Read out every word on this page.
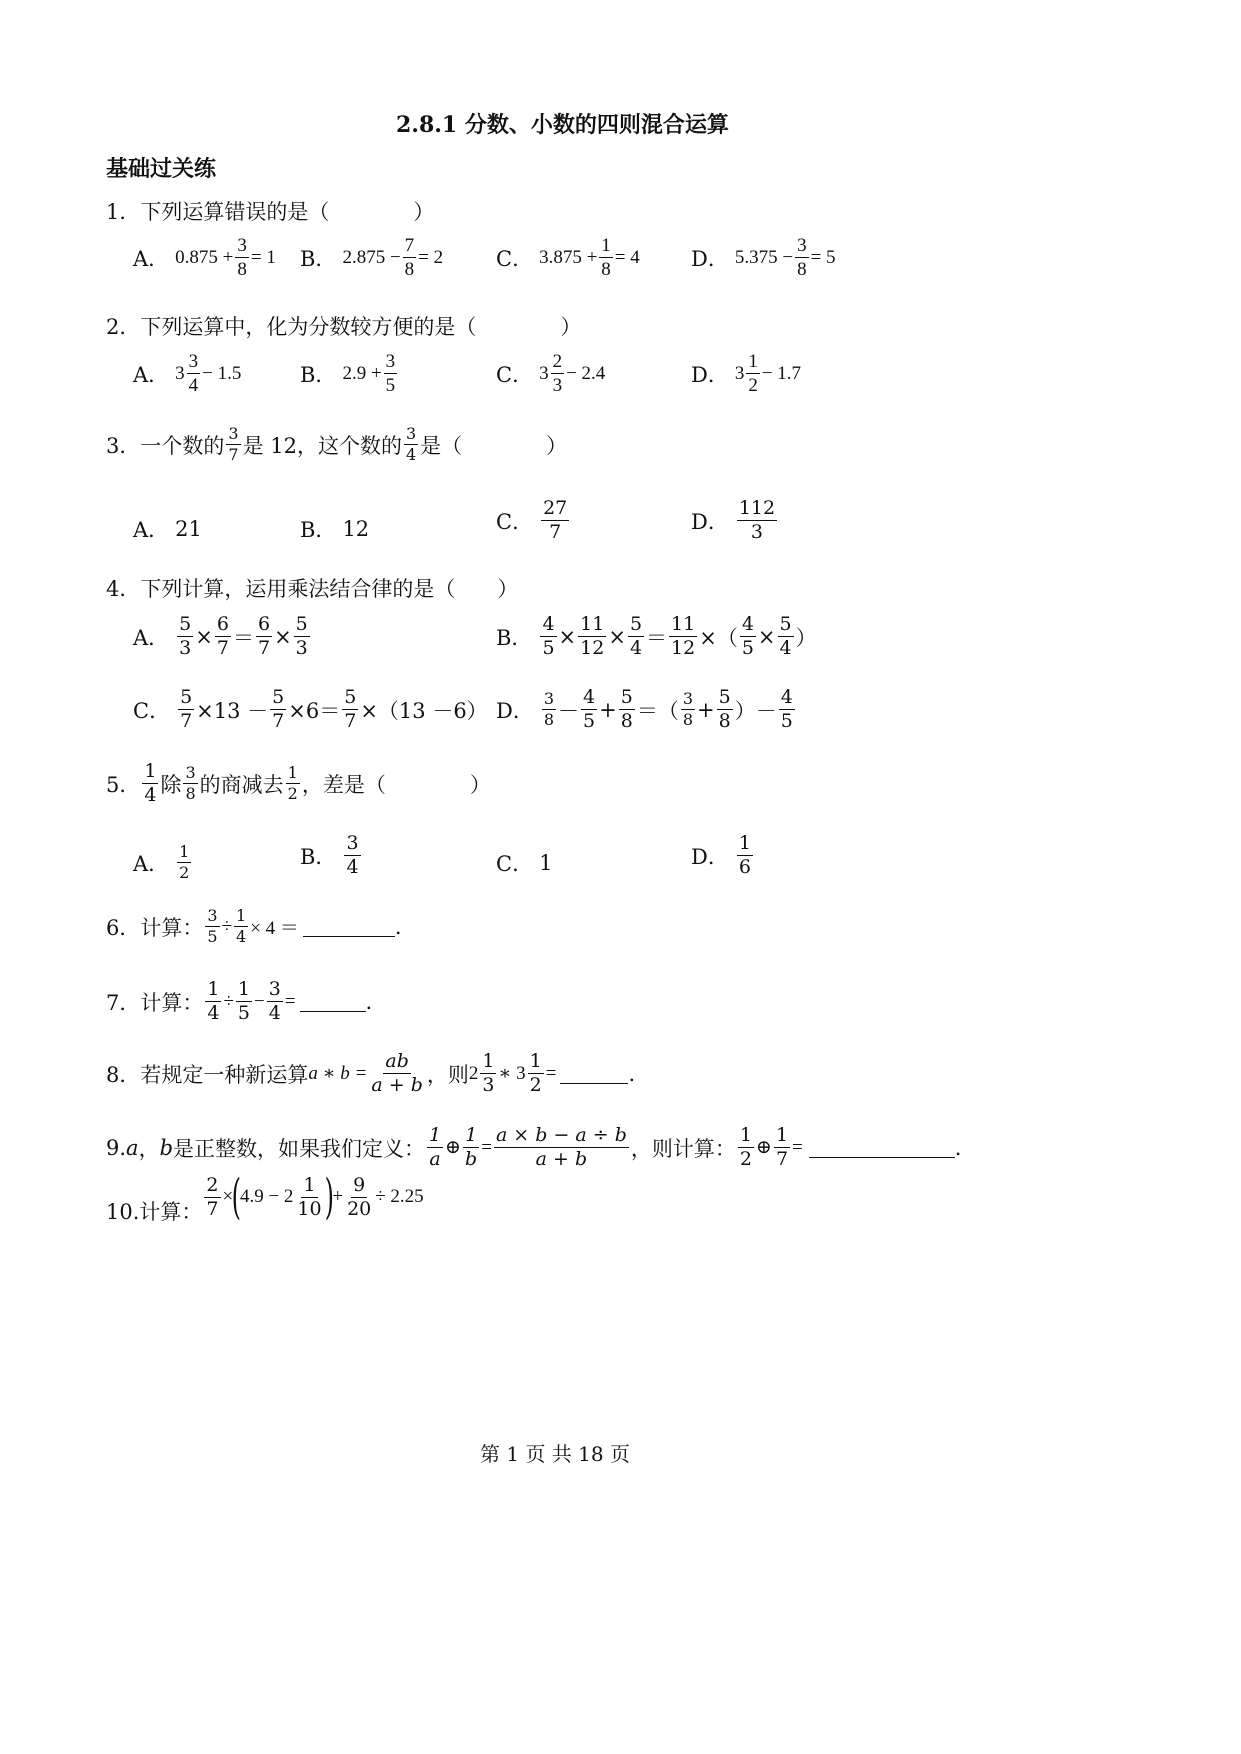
2.8.1 分数、小数的四则混合运算
基础过关练
1．下列运算错误的是（　　　　）
A． $0.875 + \frac{3}{8} = 1$ B． $2.875 - \frac{7}{8} = 2$	C． $3.875 + \frac{1}{8} = 4$ D． $5.375 - \frac{3}{8} = 5$
2．下列运算中，化为分数较方便的是（　　　　）
A． $3 \frac{3}{4} - 1.5$	B． $2.9 + \frac{3}{5}$	C． $3 \frac{2}{3} - 2.4$	D． $3 \frac{1}{2} - 1.7$
3．一个数的 $\frac{3}{7}$ 是 12，这个数的 $\frac{3}{4}$ 是（　　　　）
A． 21	B． 12	C． $\frac{27}{7}$	D． $\frac{112}{3}$
4．下列计算，运用乘法结合律的是（　　）
A． $\frac{5}{3} \times \frac{6}{7} = \frac{6}{7} \times \frac{5}{3}$	B． $\frac{4}{5} \times \frac{11}{12} \times \frac{5}{4} = \frac{11}{12}$ ×（ $\frac{4}{5} \times \frac{5}{4}$ ）
C． $\frac{5}{7} \times 13 - \frac{5}{7} \times 6= \frac{5}{7} \times(13 -6)$ D． $\frac{3}{8} - \frac{4}{5} + \frac{5}{8}$ ＝（ $\frac{3}{8} + \frac{5}{8}$ ）－ $\frac{4}{5}$
5． $\frac{1}{4}$ 除 $\frac{3}{8}$ 的商减去 $\frac{1}{2}$ ，差是（　　　　）
A． $\frac{1}{2}$	B． $\frac{3}{4}$	C． 1	D． $\frac{1}{6}$
6．计算： $\frac{3}{5} \div \frac{1}{4} \times 4$ ＝	.
7．计算： $\frac{1}{4} \div \frac{1}{5} - \frac{3}{4}$ =	.
8．若规定一种新运算 a ∗ $b = \frac{ab}{a + b}$ ，则 $2 \frac{1}{3}$ ∗ $3 \frac{1}{2}$ =	.
9. a ， b 是正整数，如果我们定义： $\frac{1}{a}$ ⊕ $\frac{1}{b} = \frac{a \times b - a \div b}{a + b}$ ，则计算： $\frac{1}{2}$ ⊕ $\frac{1}{7}$ =	.
10.计算： $\frac{2}{7}$ ×
(
$4.9 - 2 \frac{1}{10}$ )
+ $\frac{9}{20} \div 2.25$
第 1 页 共 18 页
